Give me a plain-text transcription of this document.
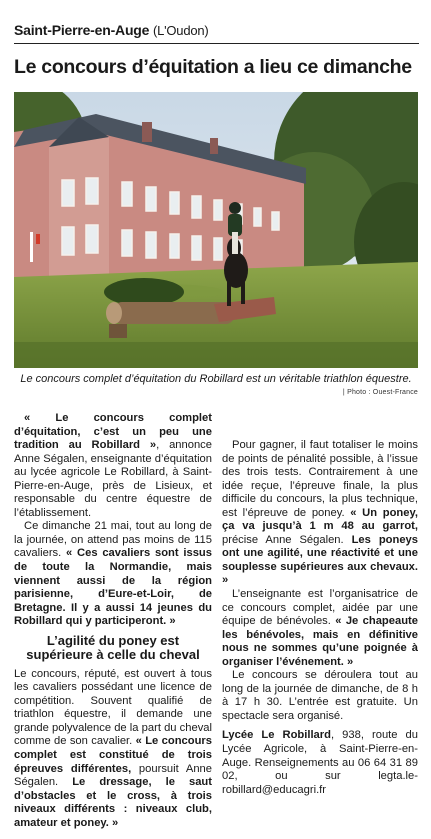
Saint-Pierre-en-Auge (L'Oudon)
Le concours d’équitation a lieu ce dimanche
Le concours complet d’équitation du Robillard est un véritable triathlon équestre.
| Photo : Ouest-France

« Le concours complet d’équitation, c’est un peu une tradition au Robillard », annonce Anne Ségalen, enseignante d’équitation au lycée agricole Le Robillard, à Saint-Pierre-en-Auge, près de Lisieux, et responsable du centre équestre de l’établissement.

Ce dimanche 21 mai, tout au long de la journée, on attend pas moins de 115 cavaliers. « Ces cavaliers sont issus de toute la Normandie, mais viennent aussi de la région parisienne, d’Eure-et-Loir, de Bretagne. Il y a aussi 14 jeunes du Robillard qui y participeront. »

L’agilité du poney est supérieure à celle du cheval

Le concours, réputé, est ouvert à tous les cavaliers possédant une licence de compétition. Souvent qualifié de triathlon équestre, il demande une grande polyvalence de la part du cheval comme de son cavalier. « Le concours complet est constitué de trois épreuves différentes, poursuit Anne Ségalen. Le dressage, le saut d’obstacles et le cross, à trois niveaux différents : niveaux club, amateur et poney. »

Pour gagner, il faut totaliser le moins de points de pénalité possible, à l’issue des trois tests. Contrairement à une idée reçue, l’épreuve finale, la plus difficile du concours, la plus technique, est l’épreuve de poney. « Un poney, ça va jusqu’à 1 m 48 au garrot, précise Anne Ségalen. Les poneys ont une agilité, une réactivité et une souplesse supérieures aux chevaux. »

L’enseignante est l’organisatrice de ce concours complet, aidée par une équipe de bénévoles. « Je chapeaute les bénévoles, mais en définitive nous ne sommes qu’une poignée à organiser l’événement. »

Le concours se déroulera tout au long de la journée de dimanche, de 8 h à 17 h 30. L’entrée est gratuite. Un spectacle sera organisé.

Lycée Le Robillard, 938, route du Lycée Agricole, à Saint-Pierre-en-Auge. Renseignements au 06 64 31 89 02, ou sur legta.le-robillard@educagri.fr
